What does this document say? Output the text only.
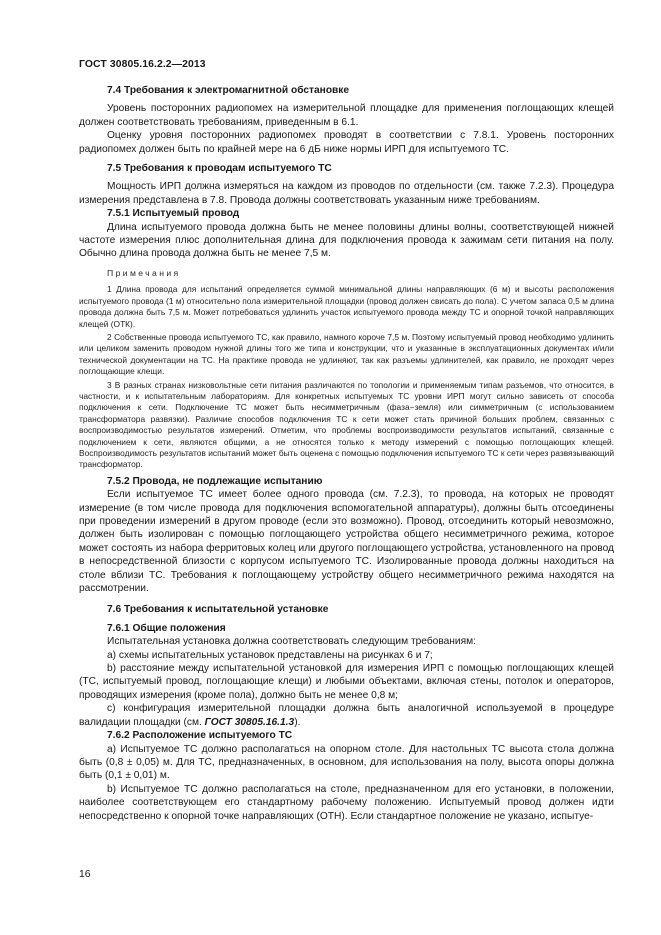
ГОСТ 30805.16.2.2—2013
7.4 Требования к электромагнитной обстановке

Уровень посторонних радиопомех на измерительной площадке для применения поглощающих клещей должен соответствовать требованиям, приведенным в 6.1.

Оценку уровня посторонних радиопомех проводят в соответствии с 7.8.1. Уровень посторонних радиопомех должен быть по крайней мере на 6 дБ ниже нормы ИРП для испытуемого ТС.

7.5 Требования к проводам испытуемого ТС

Мощность ИРП должна измеряться на каждом из проводов по отдельности (см. также 7.2.3). Процедура измерения представлена в 7.8. Провода должны соответствовать указанным ниже требованиям.

7.5.1 Испытуемый провод

Длина испытуемого провода должна быть не менее половины длины волны, соответствующей нижней частоте измерения плюс дополнительная длина для подключения провода к зажимам сети питания на полу. Обычно длина провода должна быть не менее 7,5 м.

Примечания

1 Длина провода для испытаний определяется суммой минимальной длины направляющих (6 м) и высоты расположения испытуемого провода (1 м) относительно пола измерительной площадки (провод должен свисать до пола). С учетом запаса 0,5 м длина провода должна быть 7,5 м. Может потребоваться удлинить участок испытуемого провода между ТС и опорной точкой направляющих клещей (ОТК).

2 Собственные провода испытуемого ТС, как правило, намного короче 7,5 м. Поэтому испытуемый провод необходимо удлинить или целиком заменить проводом нужной длины того же типа и конструкции, что и указанные в эксплуатационных документах и/или технической документации на ТС. На практике провода не удлиняют, так как разъемы удлинителей, как правило, не проходят через поглощающие клещи.

3 В разных странах низковольтные сети питания различаются по топологии и применяемым типам разъемов, что относится, в частности, и к испытательным лабораториям. Для конкретных испытуемых ТС уровни ИРП могут сильно зависеть от способа подключения к сети. Подключение ТС может быть несимметричным (фаза−земля) или симметричным (с использованием трансформатора развязки). Различие способов подключения ТС к сети может стать причиной больших проблем, связанных с воспроизводимостью результатов измерений. Отметим, что проблемы воспроизводимости результатов испытаний, связанные с подключением к сети, являются общими, а не относятся только к методу измерений с помощью поглощающих клещей. Воспроизводимость результатов испытаний может быть оценена с помощью подключения испытуемого ТС к сети через развязывающий трансформатор.

7.5.2 Провода, не подлежащие испытанию

Если испытуемое ТС имеет более одного провода (см. 7.2.3), то провода, на которых не проводят измерение (в том числе провода для подключения вспомогательной аппаратуры), должны быть отсоединены при проведении измерений в другом проводе (если это возможно). Провод, отсоединить который невозможно, должен быть изолирован с помощью поглощающего устройства общего несимметричного режима, которое может состоять из набора ферритовых колец или другого поглощающего устройства, установленного на провод в непосредственной близости с корпусом испытуемого ТС. Изолированные провода должны находиться на столе вблизи ТС. Требования к поглощающему устройству общего несимметричного режима находятся на рассмотрении.

7.6 Требования к испытательной установке
7.6.1 Общие положения

Испытательная установка должна соответствовать следующим требованиям:

а) схемы испытательных установок представлены на рисунках 6 и 7;

b) расстояние между испытательной установкой для измерения ИРП с помощью поглощающих клещей (ТС, испытуемый провод, поглощающие клещи) и любыми объектами, включая стены, потолок и операторов, проводящих измерения (кроме пола), должно быть не менее 0,8 м;

с) конфигурация измерительной площадки должна быть аналогичной используемой в процедуре валидации площадки (см. ГОСТ 30805.16.1.3).

7.6.2 Расположение испытуемого ТС

а) Испытуемое ТС должно располагаться на опорном столе. Для настольных ТС высота стола должна быть (0,8 ± 0,05) м. Для ТС, предназначенных, в основном, для использования на полу, высота опоры должна быть (0,1 ± 0,01) м.

b) Испытуемое ТС должно располагаться на столе, предназначенном для его установки, в положении, наиболее соответствующем его стандартному рабочему положению. Испытуемый провод должен идти непосредственно к опорной точке направляющих (ОТН). Если стандартное положение не указано, испытуе-

16
